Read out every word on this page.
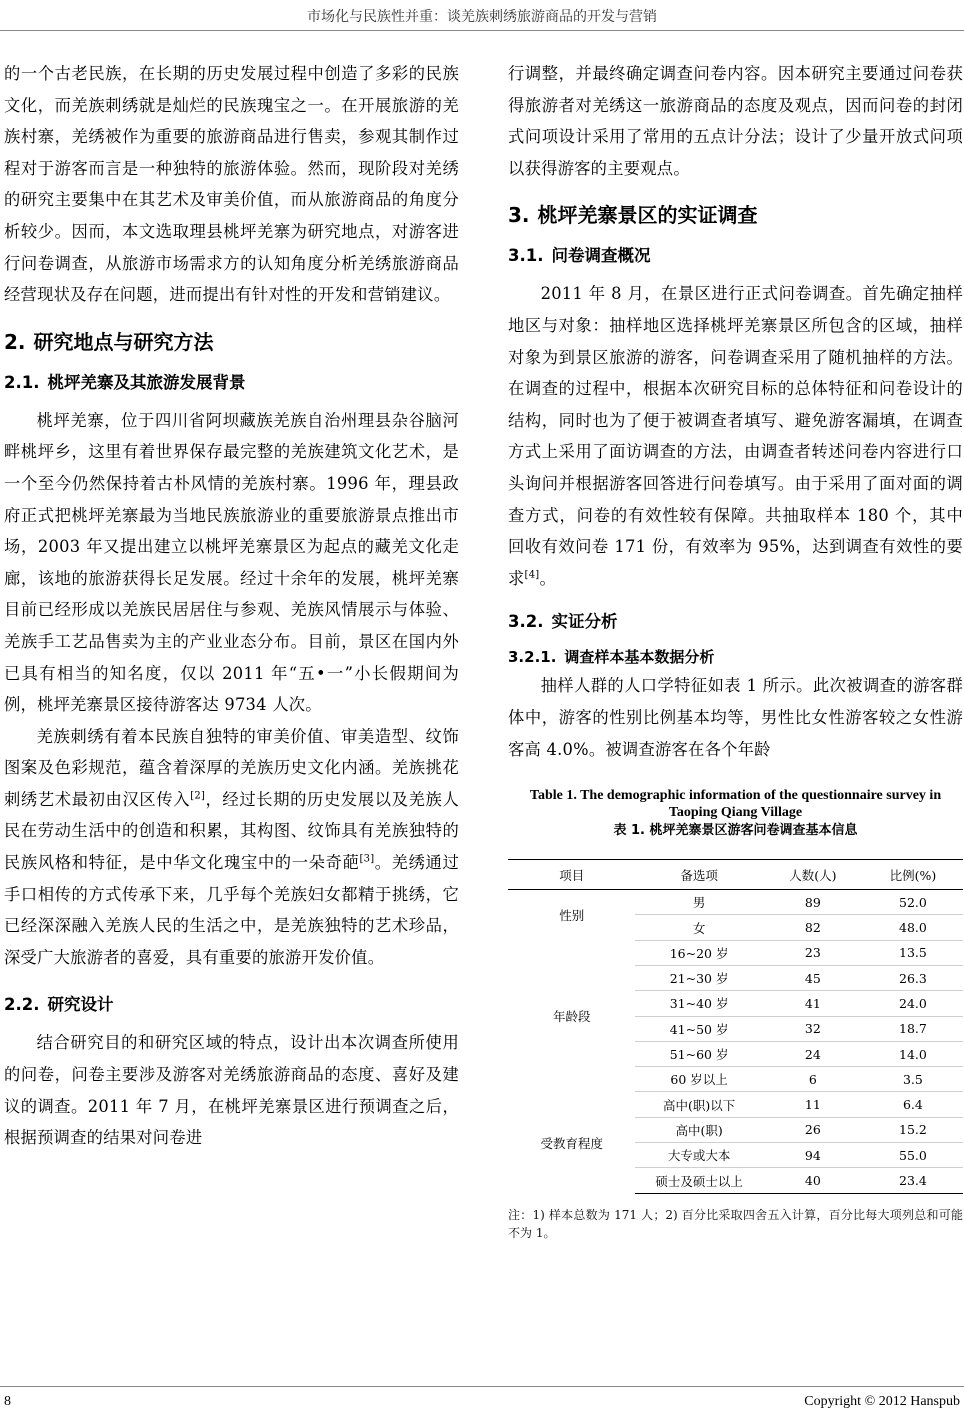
市场化与民族性并重：谈羌族刺绣旅游商品的开发与营销

的一个古老民族，在长期的历史发展过程中创造了多彩的民族文化，而羌族刺绣就是灿烂的民族瑰宝之一。在开展旅游的羌族村寨，羌绣被作为重要的旅游商品进行售卖，参观其制作过程对于游客而言是一种独特的旅游体验。然而，现阶段对羌绣的研究主要集中在其艺术及审美价值，而从旅游商品的角度分析较少。因而，本文选取理县桃坪羌寨为研究地点，对游客进行问卷调查，从旅游市场需求方的认知角度分析羌绣旅游商品经营现状及存在问题，进而提出有针对性的开发和营销建议。

2. 研究地点与研究方法
2.1. 桃坪羌寨及其旅游发展背景

桃坪羌寨，位于四川省阿坝藏族羌族自治州理县杂谷脑河畔桃坪乡，这里有着世界保存最完整的羌族建筑文化艺术，是一个至今仍然保持着古朴风情的羌族村寨。1996 年，理县政府正式把桃坪羌寨最为当地民族旅游业的重要旅游景点推出市场，2003 年又提出建立以桃坪羌寨景区为起点的藏羌文化走廊，该地的旅游获得长足发展。经过十余年的发展，桃坪羌寨目前已经形成以羌族民居居住与参观、羌族风情展示与体验、羌族手工艺品售卖为主的产业业态分布。目前，景区在国内外已具有相当的知名度，仅以 2011 年“五•一”小长假期间为例，桃坪羌寨景区接待游客达 9734 人次。

羌族刺绣有着本民族自独特的审美价值、审美造型、纹饰图案及色彩规范，蕴含着深厚的羌族历史文化内涵。羌族挑花刺绣艺术最初由汉区传入[2]，经过长期的历史发展以及羌族人民在劳动生活中的创造和积累，其构图、纹饰具有羌族独特的民族风格和特征，是中华文化瑰宝中的一朵奇葩[3]。羌绣通过手口相传的方式传承下来，几乎每个羌族妇女都精于挑绣，它已经深深融入羌族人民的生活之中，是羌族独特的艺术珍品，深受广大旅游者的喜爱，具有重要的旅游开发价值。

2.2. 研究设计

结合研究目的和研究区域的特点，设计出本次调查所使用的问卷，问卷主要涉及游客对羌绣旅游商品的态度、喜好及建议的调查。2011 年 7 月，在桃坪羌寨景区进行预调查之后，根据预调查的结果对问卷进

行调整，并最终确定调查问卷内容。因本研究主要通过问卷获得旅游者对羌绣这一旅游商品的态度及观点，因而问卷的封闭式问项设计采用了常用的五点计分法；设计了少量开放式问项以获得游客的主要观点。

3. 桃坪羌寨景区的实证调查
3.1. 问卷调查概况

2011 年 8 月，在景区进行正式问卷调查。首先确定抽样地区与对象：抽样地区选择桃坪羌寨景区所包含的区域，抽样对象为到景区旅游的游客，问卷调查采用了随机抽样的方法。在调查的过程中，根据本次研究目标的总体特征和问卷设计的结构，同时也为了便于被调查者填写、避免游客漏填，在调查方式上采用了面访调查的方法，由调查者转述问卷内容进行口头询问并根据游客回答进行问卷填写。由于采用了面对面的调查方式，问卷的有效性较有保障。共抽取样本 180 个，其中回收有效问卷 171 份，有效率为 95%，达到调查有效性的要求[4]。

3.2. 实证分析
3.2.1. 调查样本基本数据分析

抽样人群的人口学特征如表 1 所示。此次被调查的游客群体中，游客的性别比例基本均等，男性比女性游客较之女性游客高 4.0%。被调查游客在各个年龄

Table 1. The demographic information of the questionnaire survey in Taoping Qiang Village
表 1. 桃坪羌寨景区游客问卷调查基本信息
项目	备选项	人数(人)	比例(%)
性别	男	89	52.0
	女	82	48.0
年龄段	16~20 岁	23	13.5
	21~30 岁	45	26.3
	31~40 岁	41	24.0
	41~50 岁	32	18.7
	51~60 岁	24	14.0
	60 岁以上	6	3.5
受教育程度	高中(职)以下	11	6.4
	高中(职)	26	15.2
	大专或大本	94	55.0
	硕士及硕士以上	40	23.4

注：1) 样本总数为 171 人；2) 百分比采取四舍五入计算，百分比每大项列总和可能不为 1。

8	Copyright © 2012 Hanspub
